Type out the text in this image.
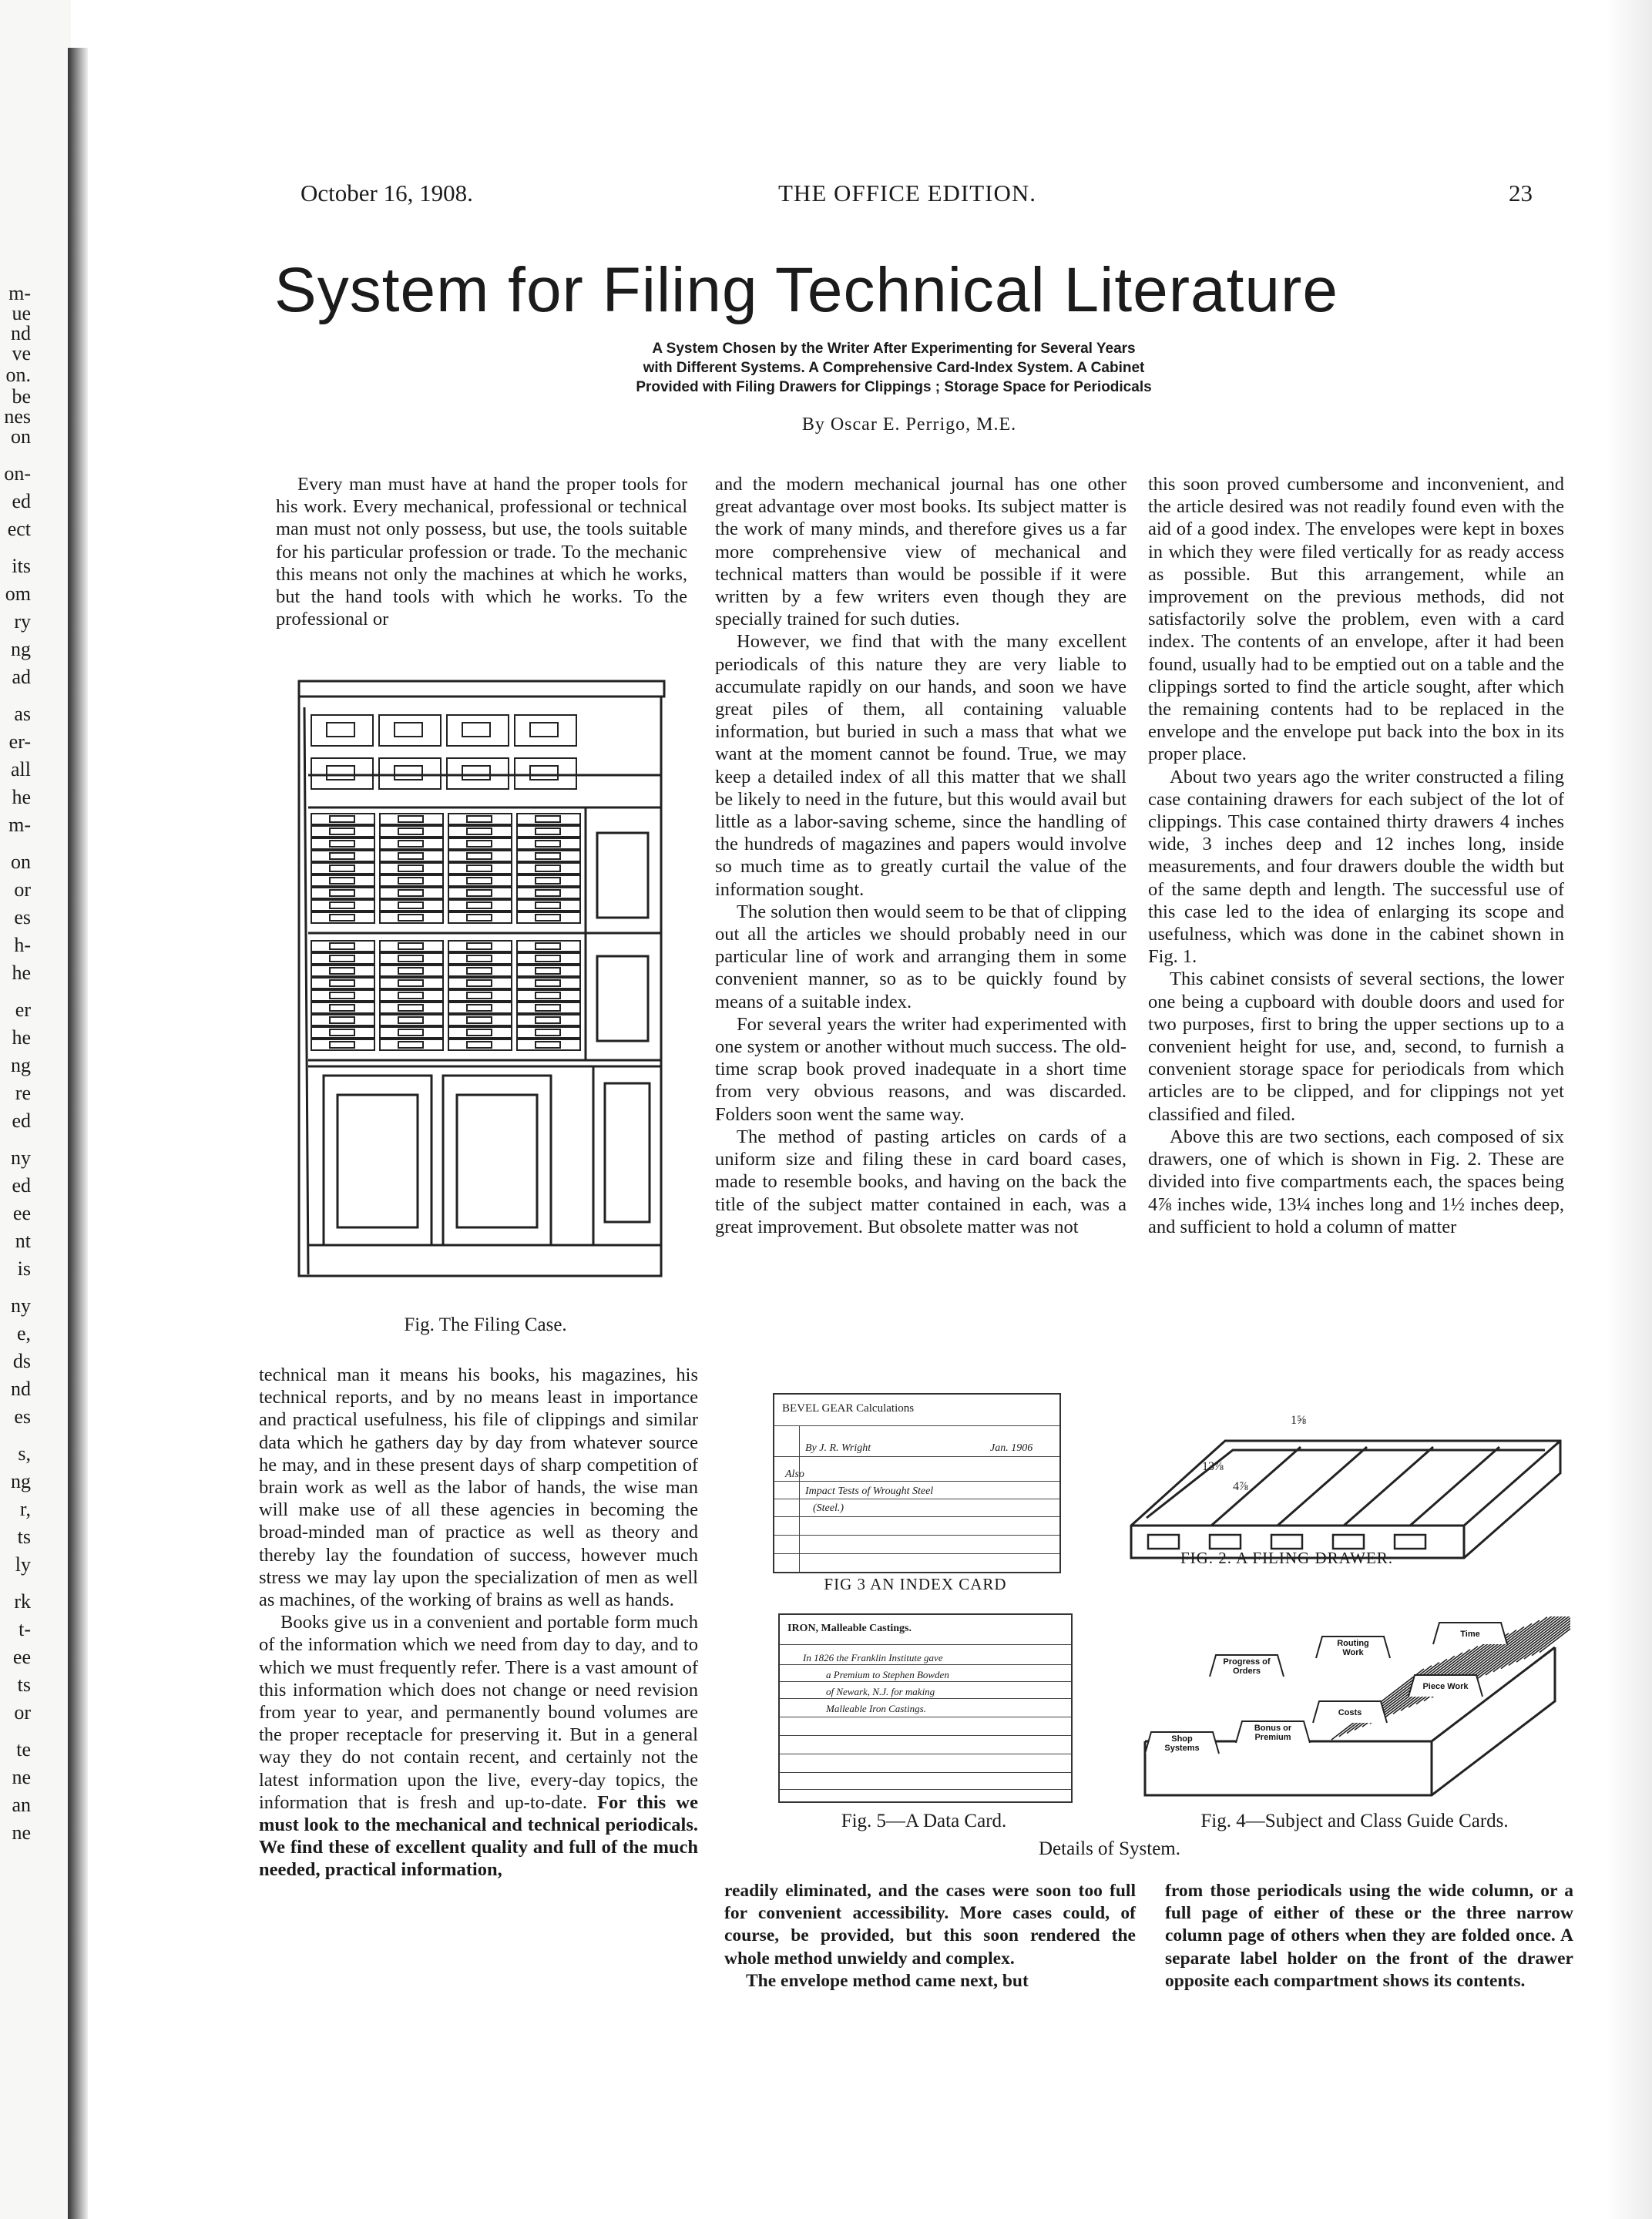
m-
ue
nd
ve
on.
be
nes
on
on-
ed
ect
its
om
ry
ng
ad
as
er-
all
he
m-
on
or
es
h-
he
er
he
ng
re
ed
ny
ed
ee
nt
is
ny
e,
ds
nd
es
s,
ng
r,
ts
ly
rk
t-
ee
ts
or
te
ne
an
ne
October 16, 1908.	THE OFFICE EDITION.	23
System for Filing Technical Literature
A System Chosen by the Writer After Experimenting for Several Years
with Different Systems. A Comprehensive Card-Index System. A Cabinet
Provided with Filing Drawers for Clippings ; Storage Space for Periodicals
By Oscar E. Perrigo, M.E.

Every man must have at hand the proper tools for his work. Every mechanical, professional or technical man must not only possess, but use, the tools suitable for his particular profession or trade. To the mechanic this means not only the machines at which he works, but the hand tools with which he works. To the professional or

Fig. The Filing Case.

technical man it means his books, his magazines, his technical reports, and by no means least in importance and practical usefulness, his file of clippings and similar data which he gathers day by day from whatever source he may, and in these present days of sharp competition of brain work as well as the labor of hands, the wise man will make use of all these agencies in becoming the broad-minded man of practice as well as theory and thereby lay the foundation of success, however much stress we may lay upon the specialization of men as well as machines, of the working of brains as well as hands.

Books give us in a convenient and portable form much of the information which we need from day to day, and to which we must frequently refer. There is a vast amount of this information which does not change or need revision from year to year, and permanently bound volumes are the proper receptacle for preserving it. But in a general way they do not contain recent, and certainly not the latest information upon the live, every-day topics, the information that is fresh and up-to-date. For this we must look to the mechanical and technical periodicals. We find these of excellent quality and full of the much needed, practical information,

and the modern mechanical journal has one other great advantage over most books. Its subject matter is the work of many minds, and therefore gives us a far more comprehensive view of mechanical and technical matters than would be possible if it were written by a few writers even though they are specially trained for such duties.

However, we find that with the many excellent periodicals of this nature they are very liable to accumulate rapidly on our hands, and soon we have great piles of them, all containing valuable information, but buried in such a mass that what we want at the moment cannot be found. True, we may keep a detailed index of all this matter that we shall be likely to need in the future, but this would avail but little as a labor-saving scheme, since the handling of the hundreds of magazines and papers would involve so much time as to greatly curtail the value of the information sought.

The solution then would seem to be that of clipping out all the articles we should probably need in our particular line of work and arranging them in some convenient manner, so as to be quickly found by means of a suitable index.

For several years the writer had experimented with one system or another without much success. The old-time scrap book proved inadequate in a short time from very obvious reasons, and was discarded. Folders soon went the same way.

The method of pasting articles on cards of a uniform size and filing these in card board cases, made to resemble books, and having on the back the title of the subject matter contained in each, was a great improvement. But obsolete matter was not

this soon proved cumbersome and inconvenient, and the article desired was not readily found even with the aid of a good index. The envelopes were kept in boxes in which they were filed vertically for as ready access as possible. But this arrangement, while an improvement on the previous methods, did not satisfactorily solve the problem, even with a card index. The contents of an envelope, after it had been found, usually had to be emptied out on a table and the clippings sorted to find the article sought, after which the remaining contents had to be replaced in the envelope and the envelope put back into the box in its proper place.

About two years ago the writer constructed a filing case containing drawers for each subject of the lot of clippings. This case contained thirty drawers 4 inches wide, 3 inches deep and 12 inches long, inside measurements, and four drawers double the width but of the same depth and length. The successful use of this case led to the idea of enlarging its scope and usefulness, which was done in the cabinet shown in Fig. 1.

This cabinet consists of several sections, the lower one being a cupboard with double doors and used for two purposes, first to bring the upper sections up to a convenient height for use, and, second, to furnish a convenient storage space for periodicals from which articles are to be clipped, and for clippings not yet classified and filed.

Above this are two sections, each composed of six drawers, one of which is shown in Fig. 2. These are divided into five compartments each, the spaces being 4⅞ inches wide, 13¼ inches long and 1½ inches deep, and sufficient to hold a column of matter

BEVEL GEAR Calculations
By J. R. Wright	Jan. 1906
Also
Impact Tests of Wrought Steel
(Steel.)
FIG 3 AN INDEX CARD
1⅝
13⅞
4⅞
FIG. 2. A FILING DRAWER.
IRON, Malleable Castings.
In 1826 the Franklin Institute gave
a Premium to Stephen Bowden
of Newark, N.J. for making
Malleable Iron Castings.
Fig. 5—A Data Card.
Time
Routing
Work
Progress of
Orders
Piece Work
Costs
Bonus or
Premium
Shop
Systems
Fig. 4—Subject and Class Guide Cards.
Details of System.

readily eliminated, and the cases were soon too full for convenient accessibility. More cases could, of course, be provided, but this soon rendered the whole method unwieldy and complex.

The envelope method came next, but

from those periodicals using the wide column, or a full page of either of these or the three narrow column page of others when they are folded once. A separate label holder on the front of the drawer opposite each compartment shows its contents.
